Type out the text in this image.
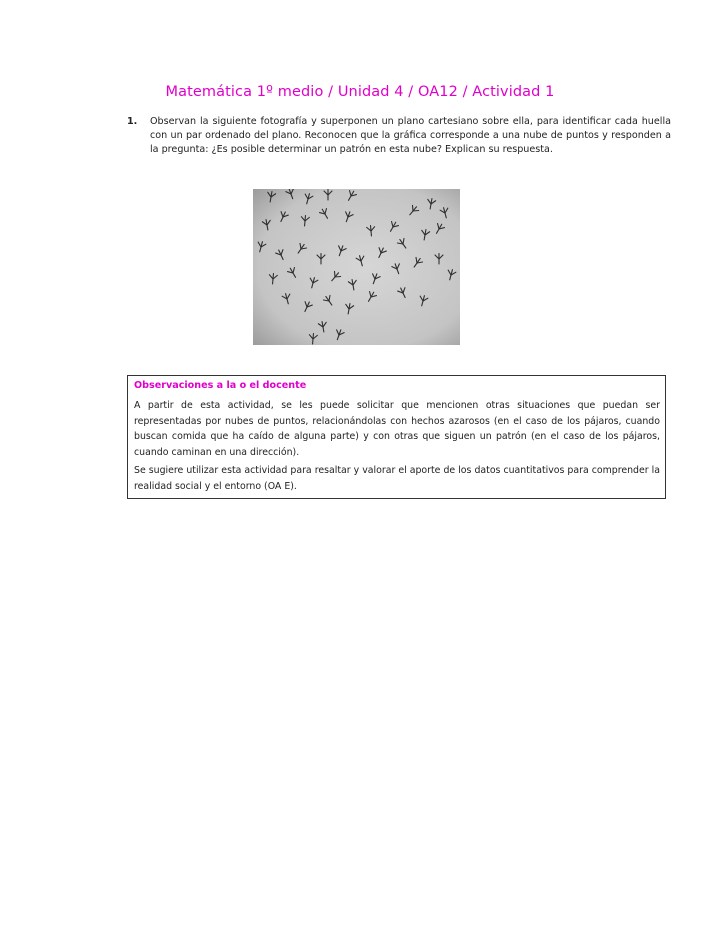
Matemática 1º medio / Unidad 4 / OA12 / Actividad 1
1. Observan la siguiente fotografía y superponen un plano cartesiano sobre ella, para identificar cada huella con un par ordenado del plano. Reconocen que la gráfica corresponde a una nube de puntos y responden a la pregunta: ¿Es posible determinar un patrón en esta nube? Explican su respuesta.
Observaciones a la o el docente

A partir de esta actividad, se les puede solicitar que mencionen otras situaciones que puedan ser representadas por nubes de puntos, relacionándolas con hechos azarosos (en el caso de los pájaros, cuando buscan comida que ha caído de alguna parte) y con otras que siguen un patrón (en el caso de los pájaros, cuando caminan en una dirección).

Se sugiere utilizar esta actividad para resaltar y valorar el aporte de los datos cuantitativos para comprender la realidad social y el entorno (OA E).
